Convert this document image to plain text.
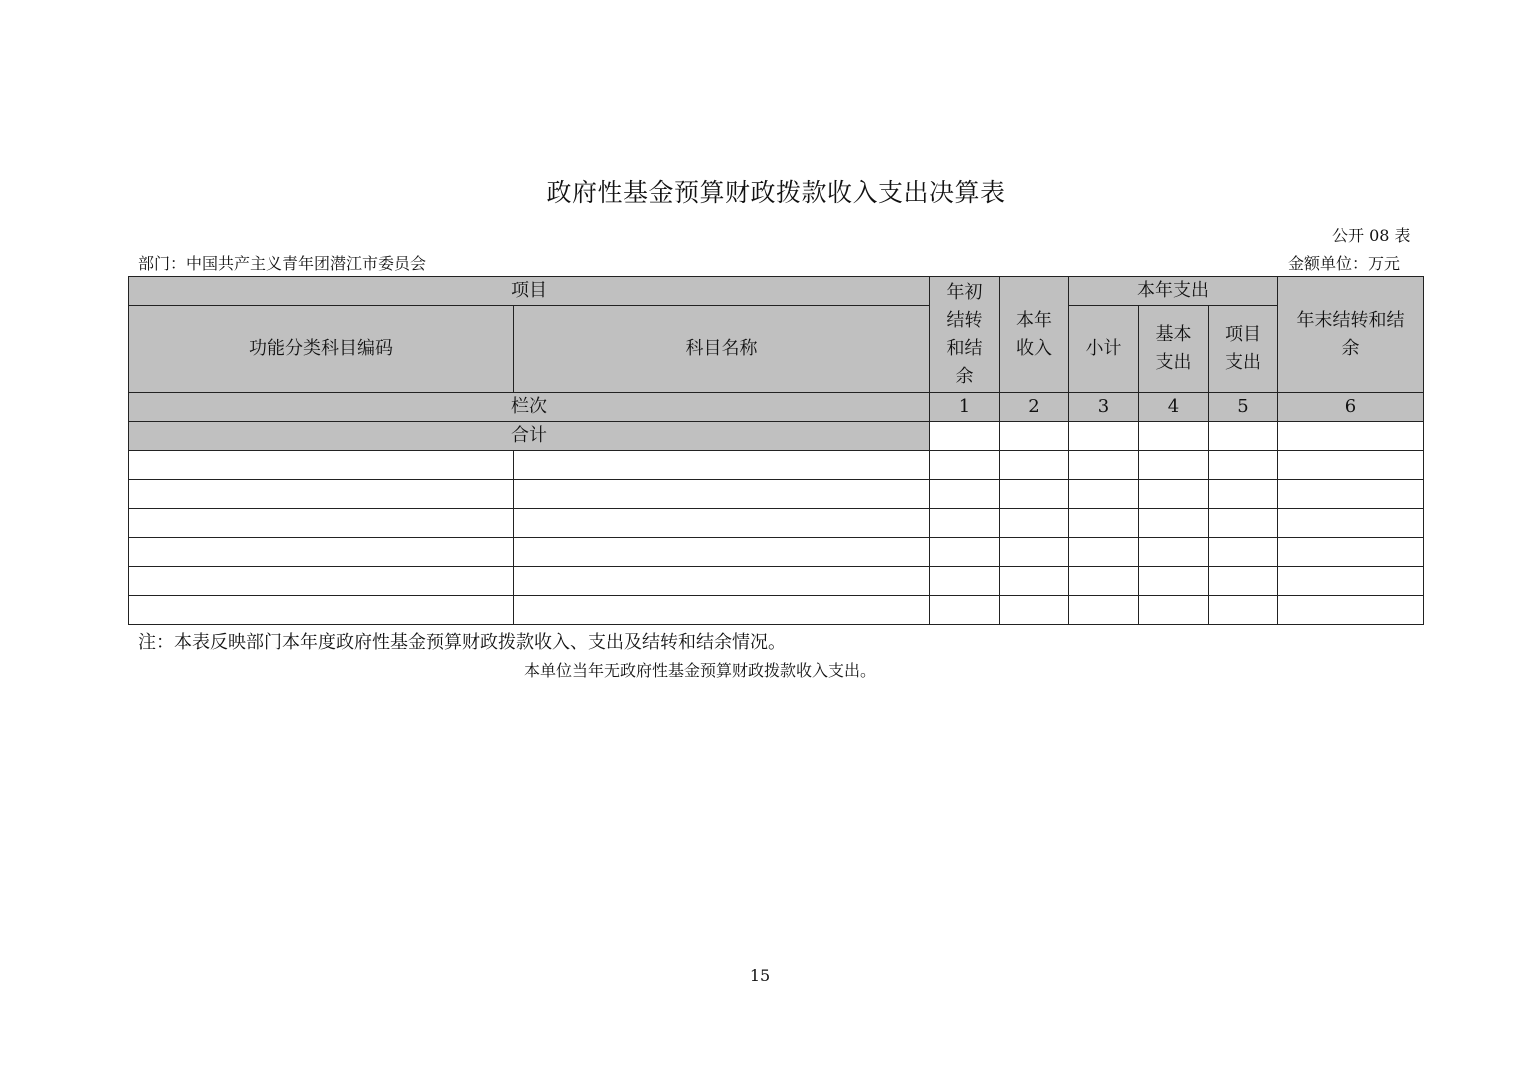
政府性基金预算财政拨款收入支出决算表
公开 08 表
部门：中国共产主义青年团潜江市委员会	金额单位：万元
项目		年初结转和结余	本年收入	本年支出			年末结转和结余
功能分类科目编码	科目名称			小计	基本支出	项目支出	
栏次		1	2	3	4	5	6
合计							

注：本表反映部门本年度政府性基金预算财政拨款收入、支出及结转和结余情况。
本单位当年无政府性基金预算财政拨款收入支出。
15
